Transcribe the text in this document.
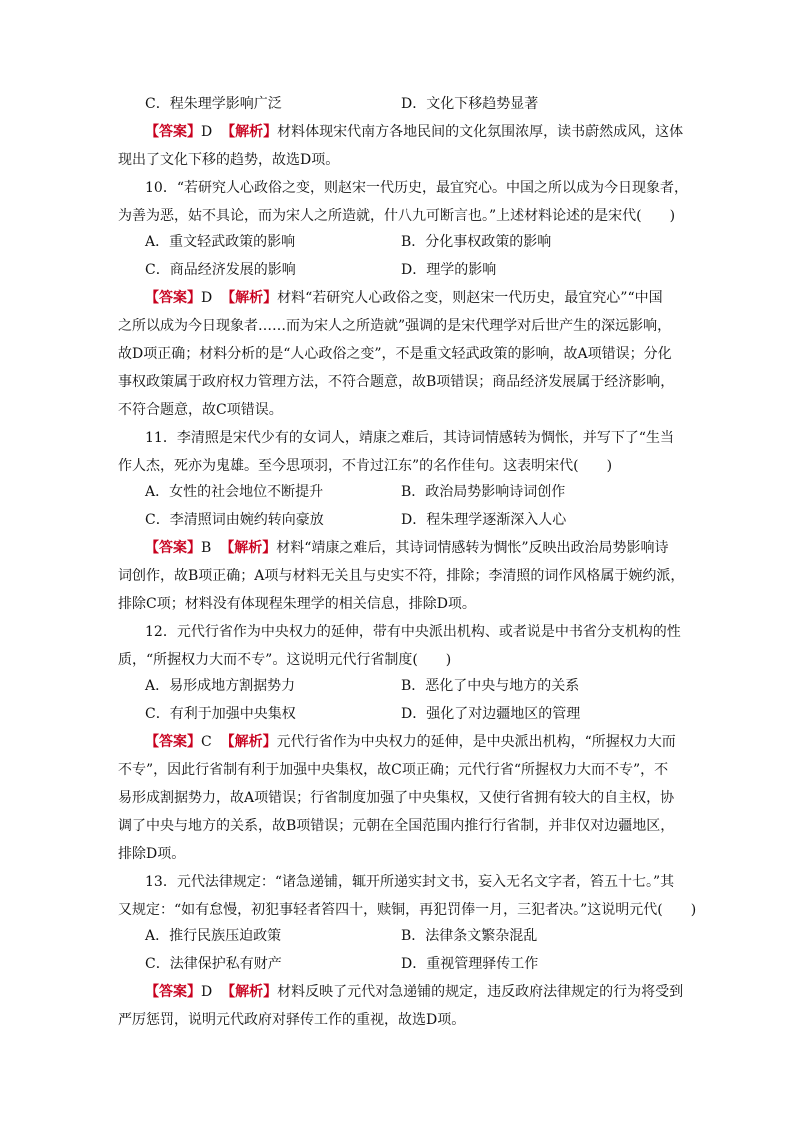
C．程朱理学影响广泛	D．文化下移趋势显著
【答案】D 【解析】材料体现宋代南方各地民间的文化氛围浓厚，读书蔚然成风，这体
现出了文化下移的趋势，故选D项。
10．“若研究人心政俗之变，则赵宋一代历史，最宜究心。中国之所以成为今日现象者，
为善为恶，姑不具论，而为宋人之所造就，什八九可断言也。”上述材料论述的是宋代(　　)
A．重文轻武政策的影响	B．分化事权政策的影响
C．商品经济发展的影响	D．理学的影响
【答案】D 【解析】材料“若研究人心政俗之变，则赵宋一代历史，最宜究心”“中国
之所以成为今日现象者……而为宋人之所造就”强调的是宋代理学对后世产生的深远影响，
故D项正确；材料分析的是“人心政俗之变”，不是重文轻武政策的影响，故A项错误；分化
事权政策属于政府权力管理方法，不符合题意，故B项错误；商品经济发展属于经济影响，
不符合题意，故C项错误。
11．李清照是宋代少有的女词人，靖康之难后，其诗词情感转为惆怅，并写下了“生当
作人杰，死亦为鬼雄。至今思项羽，不肯过江东”的名作佳句。这表明宋代(　　)
A．女性的社会地位不断提升	B．政治局势影响诗词创作
C．李清照词由婉约转向豪放	D．程朱理学逐渐深入人心
【答案】B 【解析】材料“靖康之难后，其诗词情感转为惆怅”反映出政治局势影响诗
词创作，故B项正确；A项与材料无关且与史实不符，排除；李清照的词作风格属于婉约派，
排除C项；材料没有体现程朱理学的相关信息，排除D项。
12．元代行省作为中央权力的延伸，带有中央派出机构、或者说是中书省分支机构的性
质，“所握权力大而不专”。这说明元代行省制度(　　)
A．易形成地方割据势力	B．恶化了中央与地方的关系
C．有利于加强中央集权	D．强化了对边疆地区的管理
【答案】C 【解析】元代行省作为中央权力的延伸，是中央派出机构，“所握权力大而
不专”，因此行省制有利于加强中央集权，故C项正确；元代行省“所握权力大而不专”，不
易形成割据势力，故A项错误；行省制度加强了中央集权，又使行省拥有较大的自主权，协
调了中央与地方的关系，故B项错误；元朝在全国范围内推行行省制，并非仅对边疆地区，
排除D项。
13．元代法律规定：“诸急递铺，辄开所递实封文书，妄入无名文字者，笞五十七。”其
又规定：“如有怠慢，初犯事轻者笞四十，赎铜，再犯罚俸一月，三犯者决。”这说明元代(　　)
A．推行民族压迫政策	B．法律条文繁杂混乱
C．法律保护私有财产	D．重视管理驿传工作
【答案】D 【解析】材料反映了元代对急递铺的规定，违反政府法律规定的行为将受到
严厉惩罚，说明元代政府对驿传工作的重视，故选D项。
